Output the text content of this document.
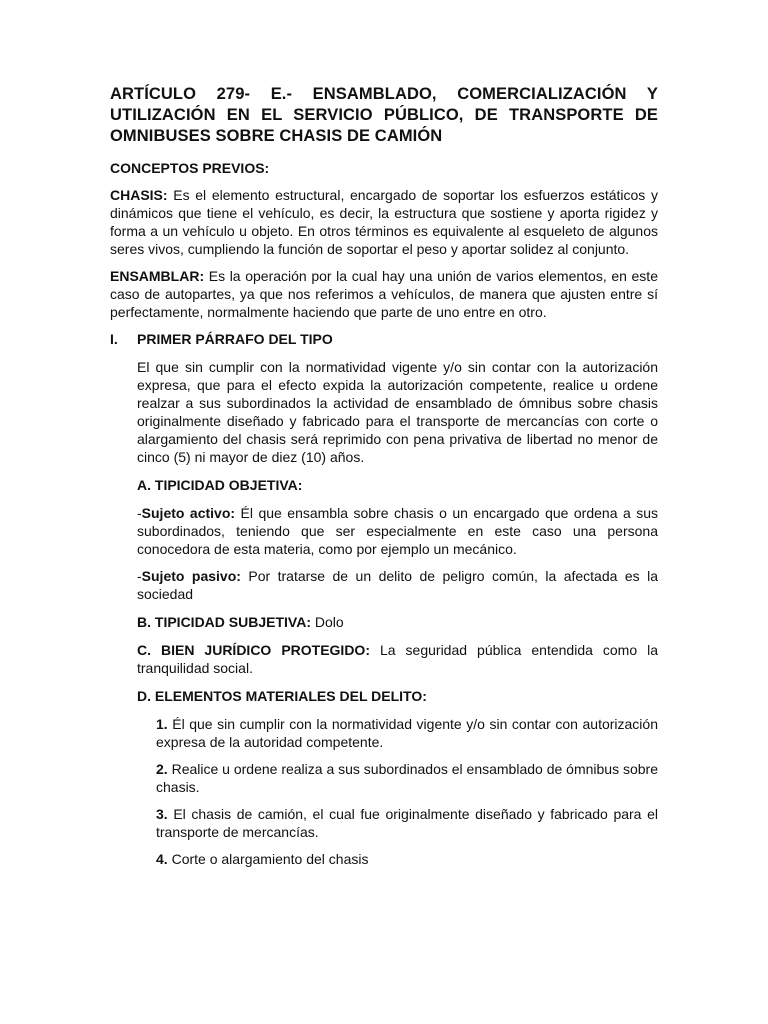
ARTÍCULO 279- E.- ENSAMBLADO, COMERCIALIZACIÓN Y UTILIZACIÓN EN EL SERVICIO PÚBLICO, DE TRANSPORTE DE OMNIBUSES SOBRE CHASIS DE CAMIÓN

CONCEPTOS PREVIOS:

CHASIS: Es el elemento estructural, encargado de soportar los esfuerzos estáticos y dinámicos que tiene el vehículo, es decir, la estructura que sostiene y aporta rigidez y forma a un vehículo u objeto. En otros términos es equivalente al esqueleto de algunos seres vivos, cumpliendo la función de soportar el peso y aportar solidez al conjunto.

ENSAMBLAR: Es la operación por la cual hay una unión de varios elementos, en este caso de autopartes, ya que nos referimos a vehículos, de manera que ajusten entre sí perfectamente, normalmente haciendo que parte de uno entre en otro.

I.	PRIMER PÁRRAFO DEL TIPO

El que sin cumplir con la normatividad vigente y/o sin contar con la autorización expresa, que para el efecto expida la autorización competente, realice u ordene realzar a sus subordinados la actividad de ensamblado de ómnibus sobre chasis originalmente diseñado y fabricado para el transporte de mercancías con corte o alargamiento del chasis será reprimido con pena privativa de libertad no menor de cinco (5) ni mayor de diez (10) años.

A. TIPICIDAD OBJETIVA:

-Sujeto activo: Él que ensambla sobre chasis o un encargado que ordena a sus subordinados, teniendo que ser especialmente en este caso una persona conocedora de esta materia, como por ejemplo un mecánico.

-Sujeto pasivo: Por tratarse de un delito de peligro común, la afectada es la sociedad

B. TIPICIDAD SUBJETIVA: Dolo

C. BIEN JURÍDICO PROTEGIDO: La seguridad pública entendida como la tranquilidad social.

D. ELEMENTOS MATERIALES DEL DELITO:

1. Él que sin cumplir con la normatividad vigente y/o sin contar con autorización expresa de la autoridad competente.

2. Realice u ordene realiza a sus subordinados el ensamblado de ómnibus sobre chasis.

3. El chasis de camión, el cual fue originalmente diseñado y fabricado para el transporte de mercancías.

4. Corte o alargamiento del chasis
